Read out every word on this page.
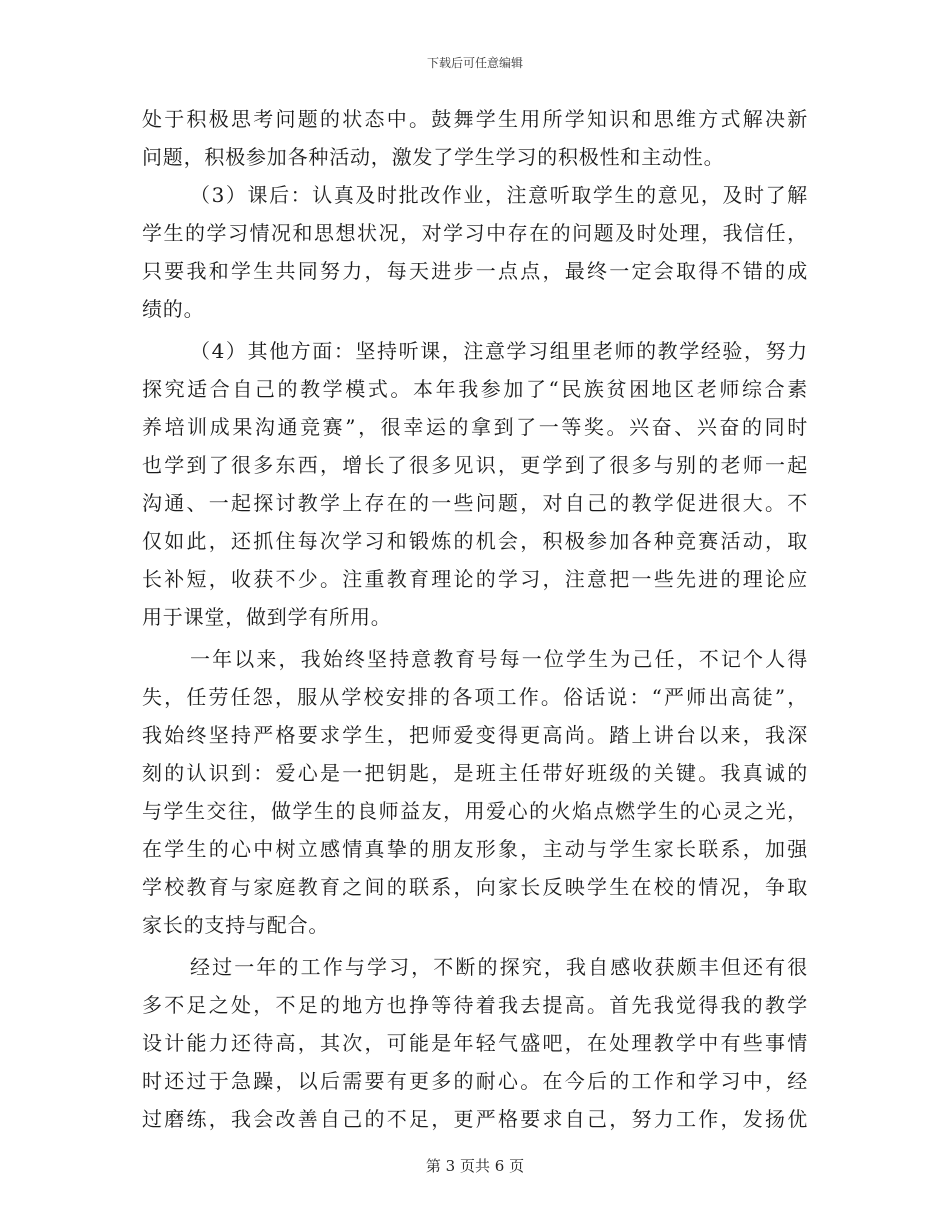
下载后可任意编辑
处于积极思考问题的状态中。鼓舞学生用所学知识和思维方式解决新
问题，积极参加各种活动，激发了学生学习的积极性和主动性。
（3）课后：认真及时批改作业，注意听取学生的意见，及时了解
学生的学习情况和思想状况，对学习中存在的问题及时处理，我信任，
只要我和学生共同努力，每天进步一点点，最终一定会取得不错的成
绩的。
（4）其他方面：坚持听课，注意学习组里老师的教学经验，努力
探究适合自己的教学模式。本年我参加了“民族贫困地区老师综合素
养培训成果沟通竞赛”，很幸运的拿到了一等奖。兴奋、兴奋的同时
也学到了很多东西，增长了很多见识，更学到了很多与别的老师一起
沟通、一起探讨教学上存在的一些问题，对自己的教学促进很大。不
仅如此，还抓住每次学习和锻炼的机会，积极参加各种竞赛活动，取
长补短，收获不少。注重教育理论的学习，注意把一些先进的理论应
用于课堂，做到学有所用。
一年以来，我始终坚持意教育号每一位学生为己任，不记个人得
失，任劳任怨，服从学校安排的各项工作。俗话说：“严师出高徒”，
我始终坚持严格要求学生，把师爱变得更高尚。踏上讲台以来，我深
刻的认识到：爱心是一把钥匙，是班主任带好班级的关键。我真诚的
与学生交往，做学生的良师益友，用爱心的火焰点燃学生的心灵之光，
在学生的心中树立感情真挚的朋友形象，主动与学生家长联系，加强
学校教育与家庭教育之间的联系，向家长反映学生在校的情况，争取
家长的支持与配合。
经过一年的工作与学习，不断的探究，我自感收获颇丰但还有很
多不足之处，不足的地方也挣等待着我去提高。首先我觉得我的教学
设计能力还待高，其次，可能是年轻气盛吧，在处理教学中有些事情
时还过于急躁，以后需要有更多的耐心。在今后的工作和学习中，经
过磨练，我会改善自己的不足，更严格要求自己，努力工作，发扬优
第 3 页共 6 页
